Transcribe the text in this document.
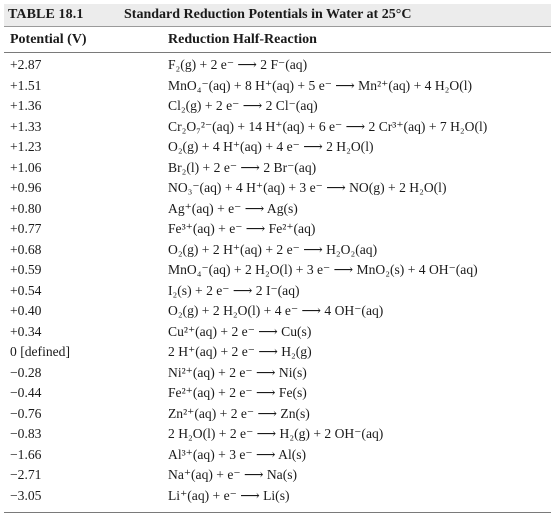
TABLE 18.1	Standard Reduction Potentials in Water at 25°C
Potential (V)	Reduction Half-Reaction
+2.87	F₂(g) + 2 e⁻ ⟶ 2 F⁻(aq)
+1.51	MnO₄⁻(aq) + 8 H⁺(aq) + 5 e⁻ ⟶ Mn²⁺(aq) + 4 H₂O(l)
+1.36	Cl₂(g) + 2 e⁻ ⟶ 2 Cl⁻(aq)
+1.33	Cr₂O₇²⁻(aq) + 14 H⁺(aq) + 6 e⁻ ⟶ 2 Cr³⁺(aq) + 7 H₂O(l)
+1.23	O₂(g) + 4 H⁺(aq) + 4 e⁻ ⟶ 2 H₂O(l)
+1.06	Br₂(l) + 2 e⁻ ⟶ 2 Br⁻(aq)
+0.96	NO₃⁻(aq) + 4 H⁺(aq) + 3 e⁻ ⟶ NO(g) + 2 H₂O(l)
+0.80	Ag⁺(aq) + e⁻ ⟶ Ag(s)
+0.77	Fe³⁺(aq) + e⁻ ⟶ Fe²⁺(aq)
+0.68	O₂(g) + 2 H⁺(aq) + 2 e⁻ ⟶ H₂O₂(aq)
+0.59	MnO₄⁻(aq) + 2 H₂O(l) + 3 e⁻ ⟶ MnO₂(s) + 4 OH⁻(aq)
+0.54	I₂(s) + 2 e⁻ ⟶ 2 I⁻(aq)
+0.40	O₂(g) + 2 H₂O(l) + 4 e⁻ ⟶ 4 OH⁻(aq)
+0.34	Cu²⁺(aq) + 2 e⁻ ⟶ Cu(s)
0 [defined]	2 H⁺(aq) + 2 e⁻ ⟶ H₂(g)
−0.28	Ni²⁺(aq) + 2 e⁻ ⟶ Ni(s)
−0.44	Fe²⁺(aq) + 2 e⁻ ⟶ Fe(s)
−0.76	Zn²⁺(aq) + 2 e⁻ ⟶ Zn(s)
−0.83	2 H₂O(l) + 2 e⁻ ⟶ H₂(g) + 2 OH⁻(aq)
−1.66	Al³⁺(aq) + 3 e⁻ ⟶ Al(s)
−2.71	Na⁺(aq) + e⁻ ⟶ Na(s)
−3.05	Li⁺(aq) + e⁻ ⟶ Li(s)
